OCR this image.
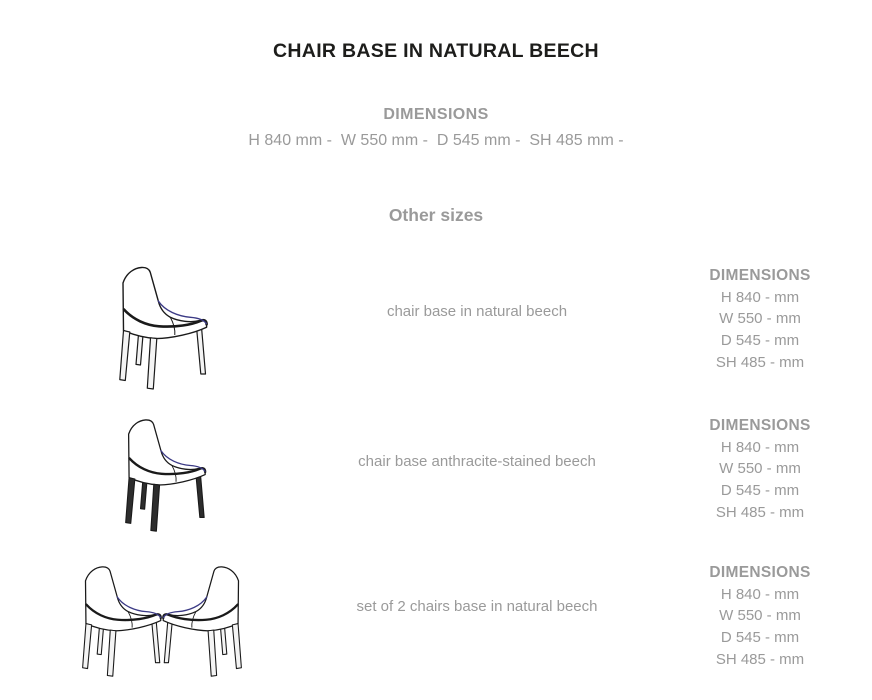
CHAIR BASE IN NATURAL BEECH
DIMENSIONS
H 840 mm -  W 550 mm -  D 545 mm -  SH 485 mm -
Other sizes
chair base in natural beech
DIMENSIONS
H 840 - mm
W 550 - mm
D 545 - mm
SH 485 - mm
chair base anthracite-stained beech
DIMENSIONS
H 840 - mm
W 550 - mm
D 545 - mm
SH 485 - mm
set of 2 chairs base in natural beech
DIMENSIONS
H 840 - mm
W 550 - mm
D 545 - mm
SH 485 - mm
